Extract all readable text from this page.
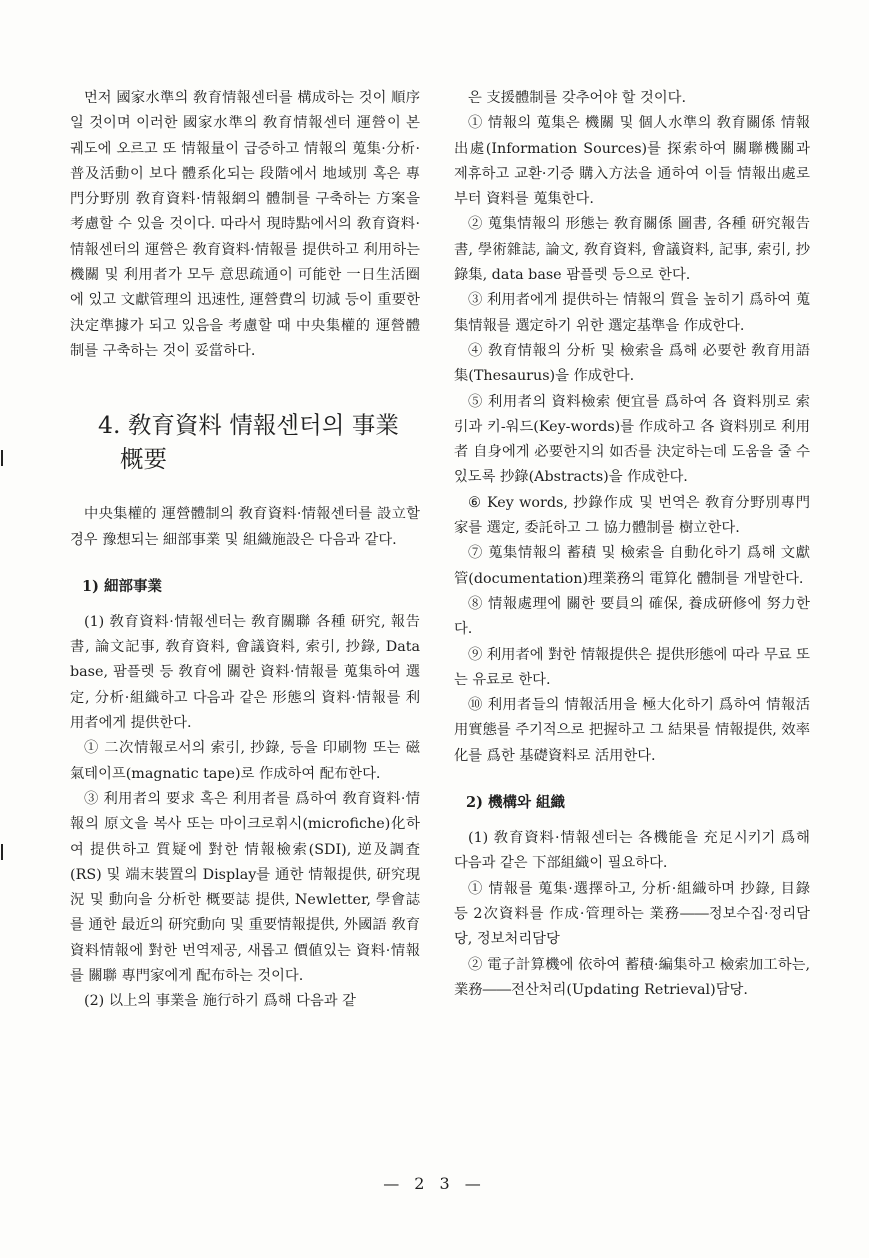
먼저 國家水準의 敎育情報센터를 構成하는 것이 順序일 것이며 이러한 國家水準의 敎育情報센터 運營이 본 궤도에 오르고 또 情報量이 급증하고 情報의 蒐集·分析·普及活動이 보다 體系化되는 段階에서 地域別 혹은 專門分野別 敎育資料·情報網의 體制를 구축하는 方案을 考慮할 수 있을 것이다. 따라서 現時點에서의 敎育資料·情報센터의 運營은 敎育資料·情報를 提供하고 利用하는 機關 및 利用者가 모두 意思疏通이 可能한 一日生活圈에 있고 文獻管理의 迅速性, 運營費의 切減 등이 重要한 決定準據가 되고 있음을 考慮할 때 中央集權的 運營體制를 구축하는 것이 妥當하다.

4. 敎育資料 情報센터의 事業
概要

中央集權的 運營體制의 敎育資料·情報센터를 設立할 경우 豫想되는 細部事業 및 組織施設은 다음과 같다.

1) 細部事業

(1) 敎育資料·情報센터는 敎育關聯 各種 研究, 報告書, 論文記事, 敎育資料, 會議資料, 索引, 抄錄, Data base, 팜플렛 등 敎育에 關한 資料·情報를 蒐集하여 選定, 分析·組織하고 다음과 같은 形態의 資料·情報를 利用者에게 提供한다.

① 二次情報로서의 索引, 抄錄, 등을 印刷物 또는 磁氣테이프(magnatic tape)로 作成하여 配布한다.

③ 利用者의 要求 혹은 利用者를 爲하여 敎育資料·情報의 原文을 복사 또는 마이크로휘시(microfiche)化하여 提供하고 質疑에 對한 情報檢索(SDI), 逆及調査(RS) 및 端末裝置의 Display를 通한 情報提供, 研究現況 및 動向을 分析한 概要誌 提供, Newletter, 學會誌를 通한 最近의 研究動向 및 重要情報提供, 外國語 敎育資料情報에 對한 번역제공, 새롭고 價値있는 資料·情報를 關聯 專門家에게 配布하는 것이다.

(2) 以上의 事業을 施行하기 爲해 다음과 같

은 支援體制를 갖추어야 할 것이다.

① 情報의 蒐集은 機關 및 個人水準의 敎育關係 情報出處(Information Sources)를 探索하여 關聯機關과 제휴하고 교환·기증 購入方法을 通하여 이들 情報出處로부터 資料를 蒐集한다.

② 蒐集情報의 形態는 敎育關係 圖書, 各種 研究報告書, 學術雜誌, 論文, 敎育資料, 會議資料, 記事, 索引, 抄錄集, data base 팜플렛 등으로 한다.

③ 利用者에게 提供하는 情報의 質을 높히기 爲하여 蒐集情報를 選定하기 위한 選定基準을 作成한다.

④ 敎育情報의 分析 및 檢索을 爲해 必要한 敎育用語集(Thesaurus)을 作成한다.

⑤ 利用者의 資料檢索 便宜를 爲하여 各 資料別로 索引과 키-워드(Key-words)를 作成하고 各 資料別로 利用者 自身에게 必要한지의 如否를 決定하는데 도움을 줄 수 있도록 抄錄(Abstracts)을 作成한다.

⑥ Key words, 抄錄作成 및 번역은 敎育分野別專門家를 選定, 委託하고 그 協力體制를 樹立한다.

⑦ 蒐集情報의 蓄積 및 檢索을 自動化하기 爲해 文獻管(documentation)理業務의 電算化 體制를 개발한다.

⑧ 情報處理에 關한 要員의 確保, 養成硏修에 努力한다.

⑨ 利用者에 對한 情報提供은 提供形態에 따라 무료 또는 유료로 한다.

⑩ 利用者들의 情報活用을 極大化하기 爲하여 情報活用實態를 주기적으로 把握하고 그 結果를 情報提供, 效率化를 爲한 基礎資料로 活用한다.

2) 機構와 組織

(1) 敎育資料·情報센터는 各機能을 充足시키기 爲해 다음과 같은 下部組織이 필요하다.

① 情報를 蒐集·選擇하고, 分析·組織하며 抄錄, 目錄 등 2次資料를 作成·管理하는 業務――정보수집·정리담당, 정보처리담당

② 電子計算機에 依하여 蓄積·編集하고 檢索加工하는, 業務――전산처리(Updating Retrieval)담당.

— 2 3 —
